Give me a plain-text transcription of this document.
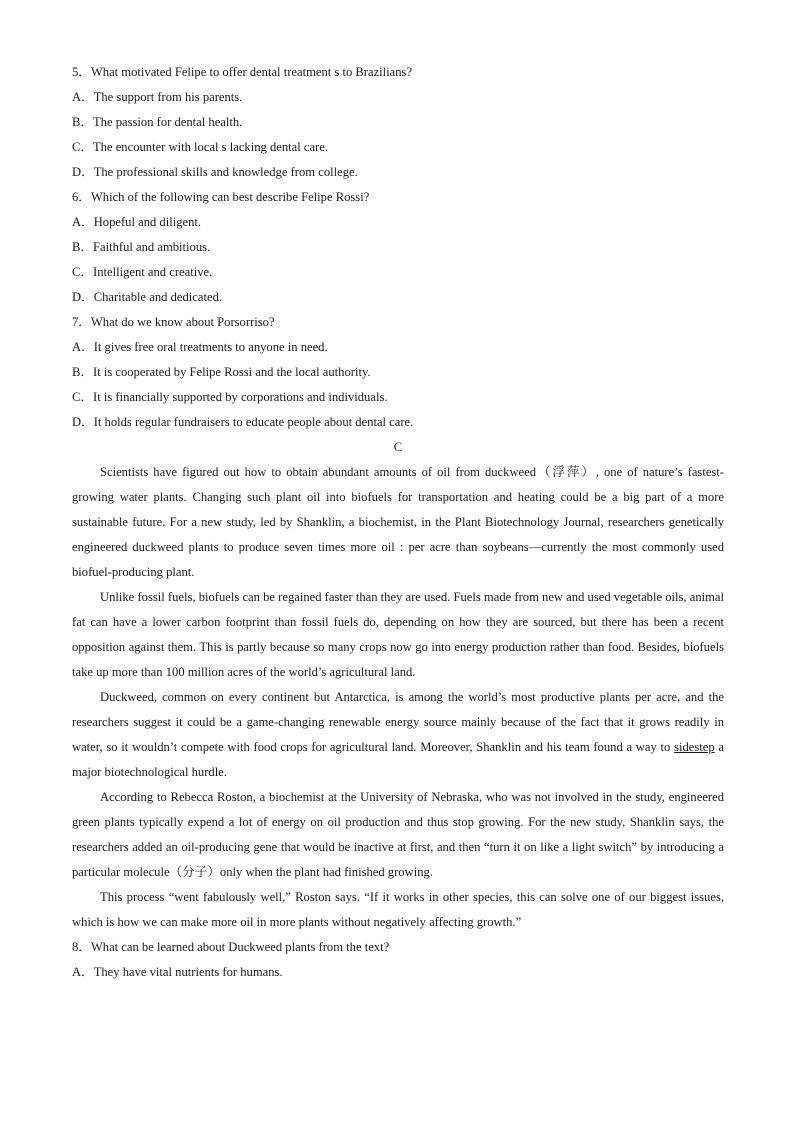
5．What motivated Felipe to offer dental treatment s to Brazilians?
A．The support from his parents.
B．The passion for dental health.
C．The encounter with local s lacking dental care.
D．The professional skills and knowledge from college.
6．Which of the following can best describe Felipe Rossi?
A．Hopeful and diligent.
B．Faithful and ambitious.
C．Intelligent and creative.
D．Charitable and dedicated.
7．What do we know about Porsorriso?
A．It gives free oral treatments to anyone in need.
B．It is cooperated by Felipe Rossi and the local authority.
C．It is financially supported by corporations and individuals.
D．It holds regular fundraisers to educate people about dental care.
C

Scientists have figured out how to obtain abundant amounts of oil from duckweed（浮萍）, one of nature’s fastest-growing water plants. Changing such plant oil into biofuels for transportation and heating could be a big part of a more sustainable future. For a new study, led by Shanklin, a biochemist, in the Plant Biotechnology Journal, researchers genetically engineered duckweed plants to produce seven times more oil : per acre than soybeans—currently the most commonly used biofuel-producing plant.

Unlike fossil fuels, biofuels can be regained faster than they are used. Fuels made from new and used vegetable oils, animal fat can have a lower carbon footprint than fossil fuels do, depending on how they are sourced, but there has been a recent opposition against them. This is partly because so many crops now go into energy production rather than food. Besides, biofuels take up more than 100 million acres of the world’s agricultural land.

Duckweed, common on every continent but Antarctica, is among the world’s most productive plants per acre, and the researchers suggest it could be a game-changing renewable energy source mainly because of the fact that it grows readily in water, so it wouldn’t compete with food crops for agricultural land. Moreover, Shanklin and his team found a way to sidestep a major biotechnological hurdle.

According to Rebecca Roston, a biochemist at the University of Nebraska, who was not involved in the study, engineered green plants typically expend a lot of energy on oil production and thus stop growing. For the new study, Shanklin says, the researchers added an oil-producing gene that would be inactive at first, and then “turn it on like a light switch” by introducing a particular molecule（分子）only when the plant had finished growing.

This process “went fabulously well,” Roston says. “If it works in other species, this can solve one of our biggest issues, which is how we can make more oil in more plants without negatively affecting growth.”

8．What can be learned about Duckweed plants from the text?
A．They have vital nutrients for humans.
